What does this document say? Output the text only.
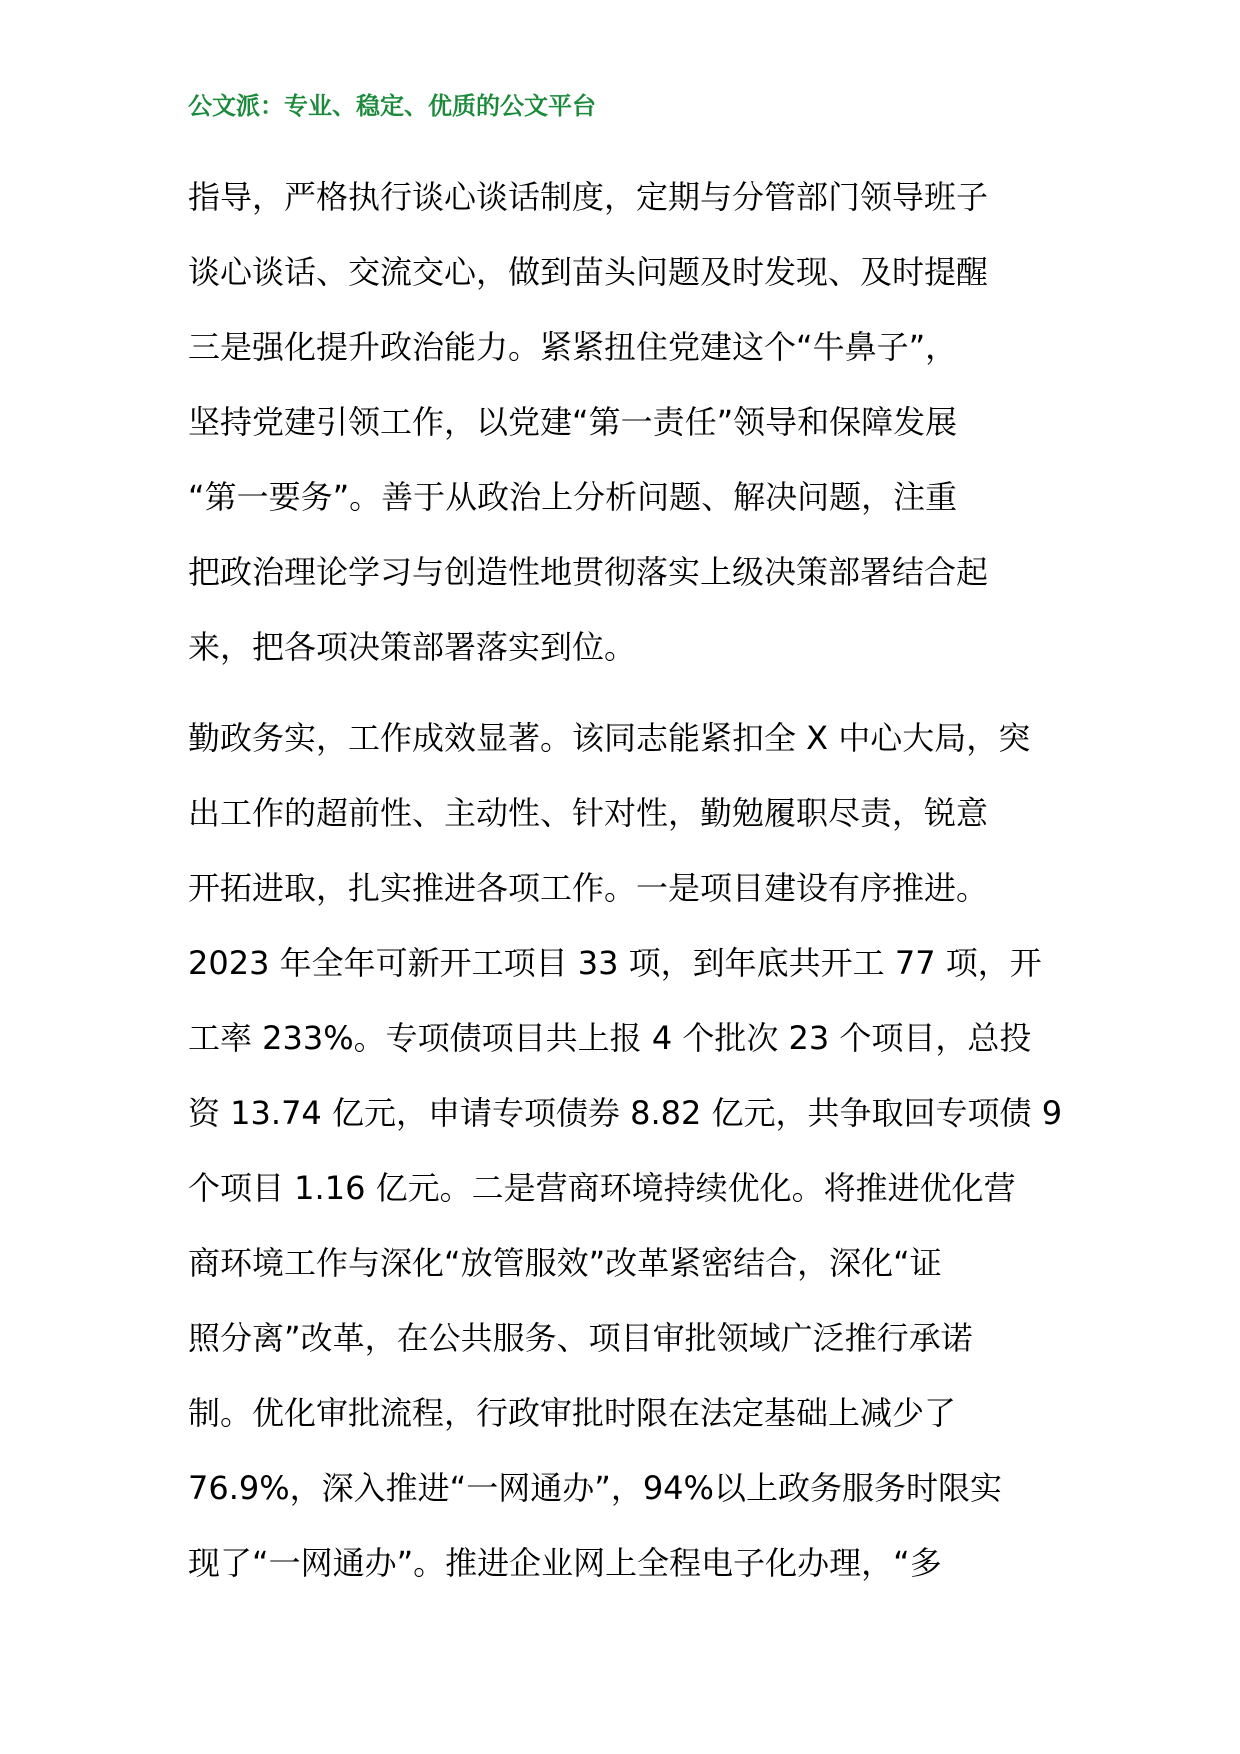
公文派：专业、稳定、优质的公文平台
指导，严格执行谈心谈话制度，定期与分管部门领导班子
谈心谈话、交流交心，做到苗头问题及时发现、及时提醒
三是强化提升政治能力。紧紧扭住党建这个“牛鼻子”，
坚持党建引领工作，以党建“第一责任”领导和保障发展
“第一要务”。善于从政治上分析问题、解决问题，注重
把政治理论学习与创造性地贯彻落实上级决策部署结合起
来，把各项决策部署落实到位。
勤政务实，工作成效显著。该同志能紧扣全 X 中心大局，突
出工作的超前性、主动性、针对性，勤勉履职尽责，锐意
开拓进取，扎实推进各项工作。一是项目建设有序推进。
2023 年全年可新开工项目 33 项，到年底共开工 77 项，开
工率 233%。专项债项目共上报 4 个批次 23 个项目，总投
资 13.74 亿元，申请专项债券 8.82 亿元，共争取回专项债 9
个项目 1.16 亿元。二是营商环境持续优化。将推进优化营
商环境工作与深化“放管服效”改革紧密结合，深化“证
照分离”改革，在公共服务、项目审批领域广泛推行承诺
制。优化审批流程，行政审批时限在法定基础上减少了
76.9%，深入推进“一网通办”，94%以上政务服务时限实
现了“一网通办”。推进企业网上全程电子化办理，“多
